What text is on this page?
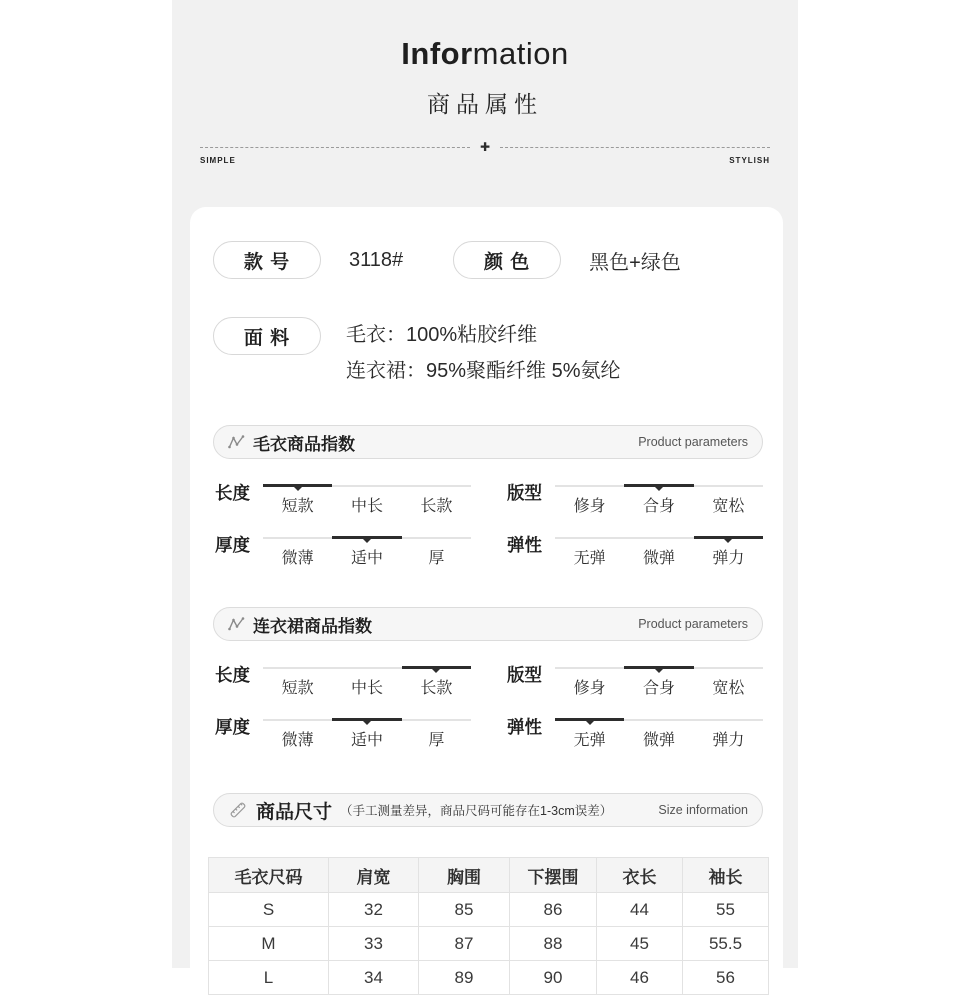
Information
商品属性
✚
SIMPLE	STYLISH
款 号	3118#	颜 色	黑色+绿色
面 料	毛衣：100%粘胶纤维
连衣裙：95%聚酯纤维 5%氨纶
毛衣商品指数	Product parameters
长度
短款	中长	长款
版型
修身	合身	宽松
厚度
微薄	适中	厚
弹性
无弹	微弹	弹力
连衣裙商品指数	Product parameters
长度
短款	中长	长款
版型
修身	合身	宽松
厚度
微薄	适中	厚
弹性
无弹	微弹	弹力
商品尺寸 （手工测量差异，商品尺码可能存在1-3cm误差）	Size information
毛衣尺码	肩宽	胸围	下摆围	衣长	袖长
S	32	85	86	44	55
M	33	87	88	45	55.5
L	34	89	90	46	56
